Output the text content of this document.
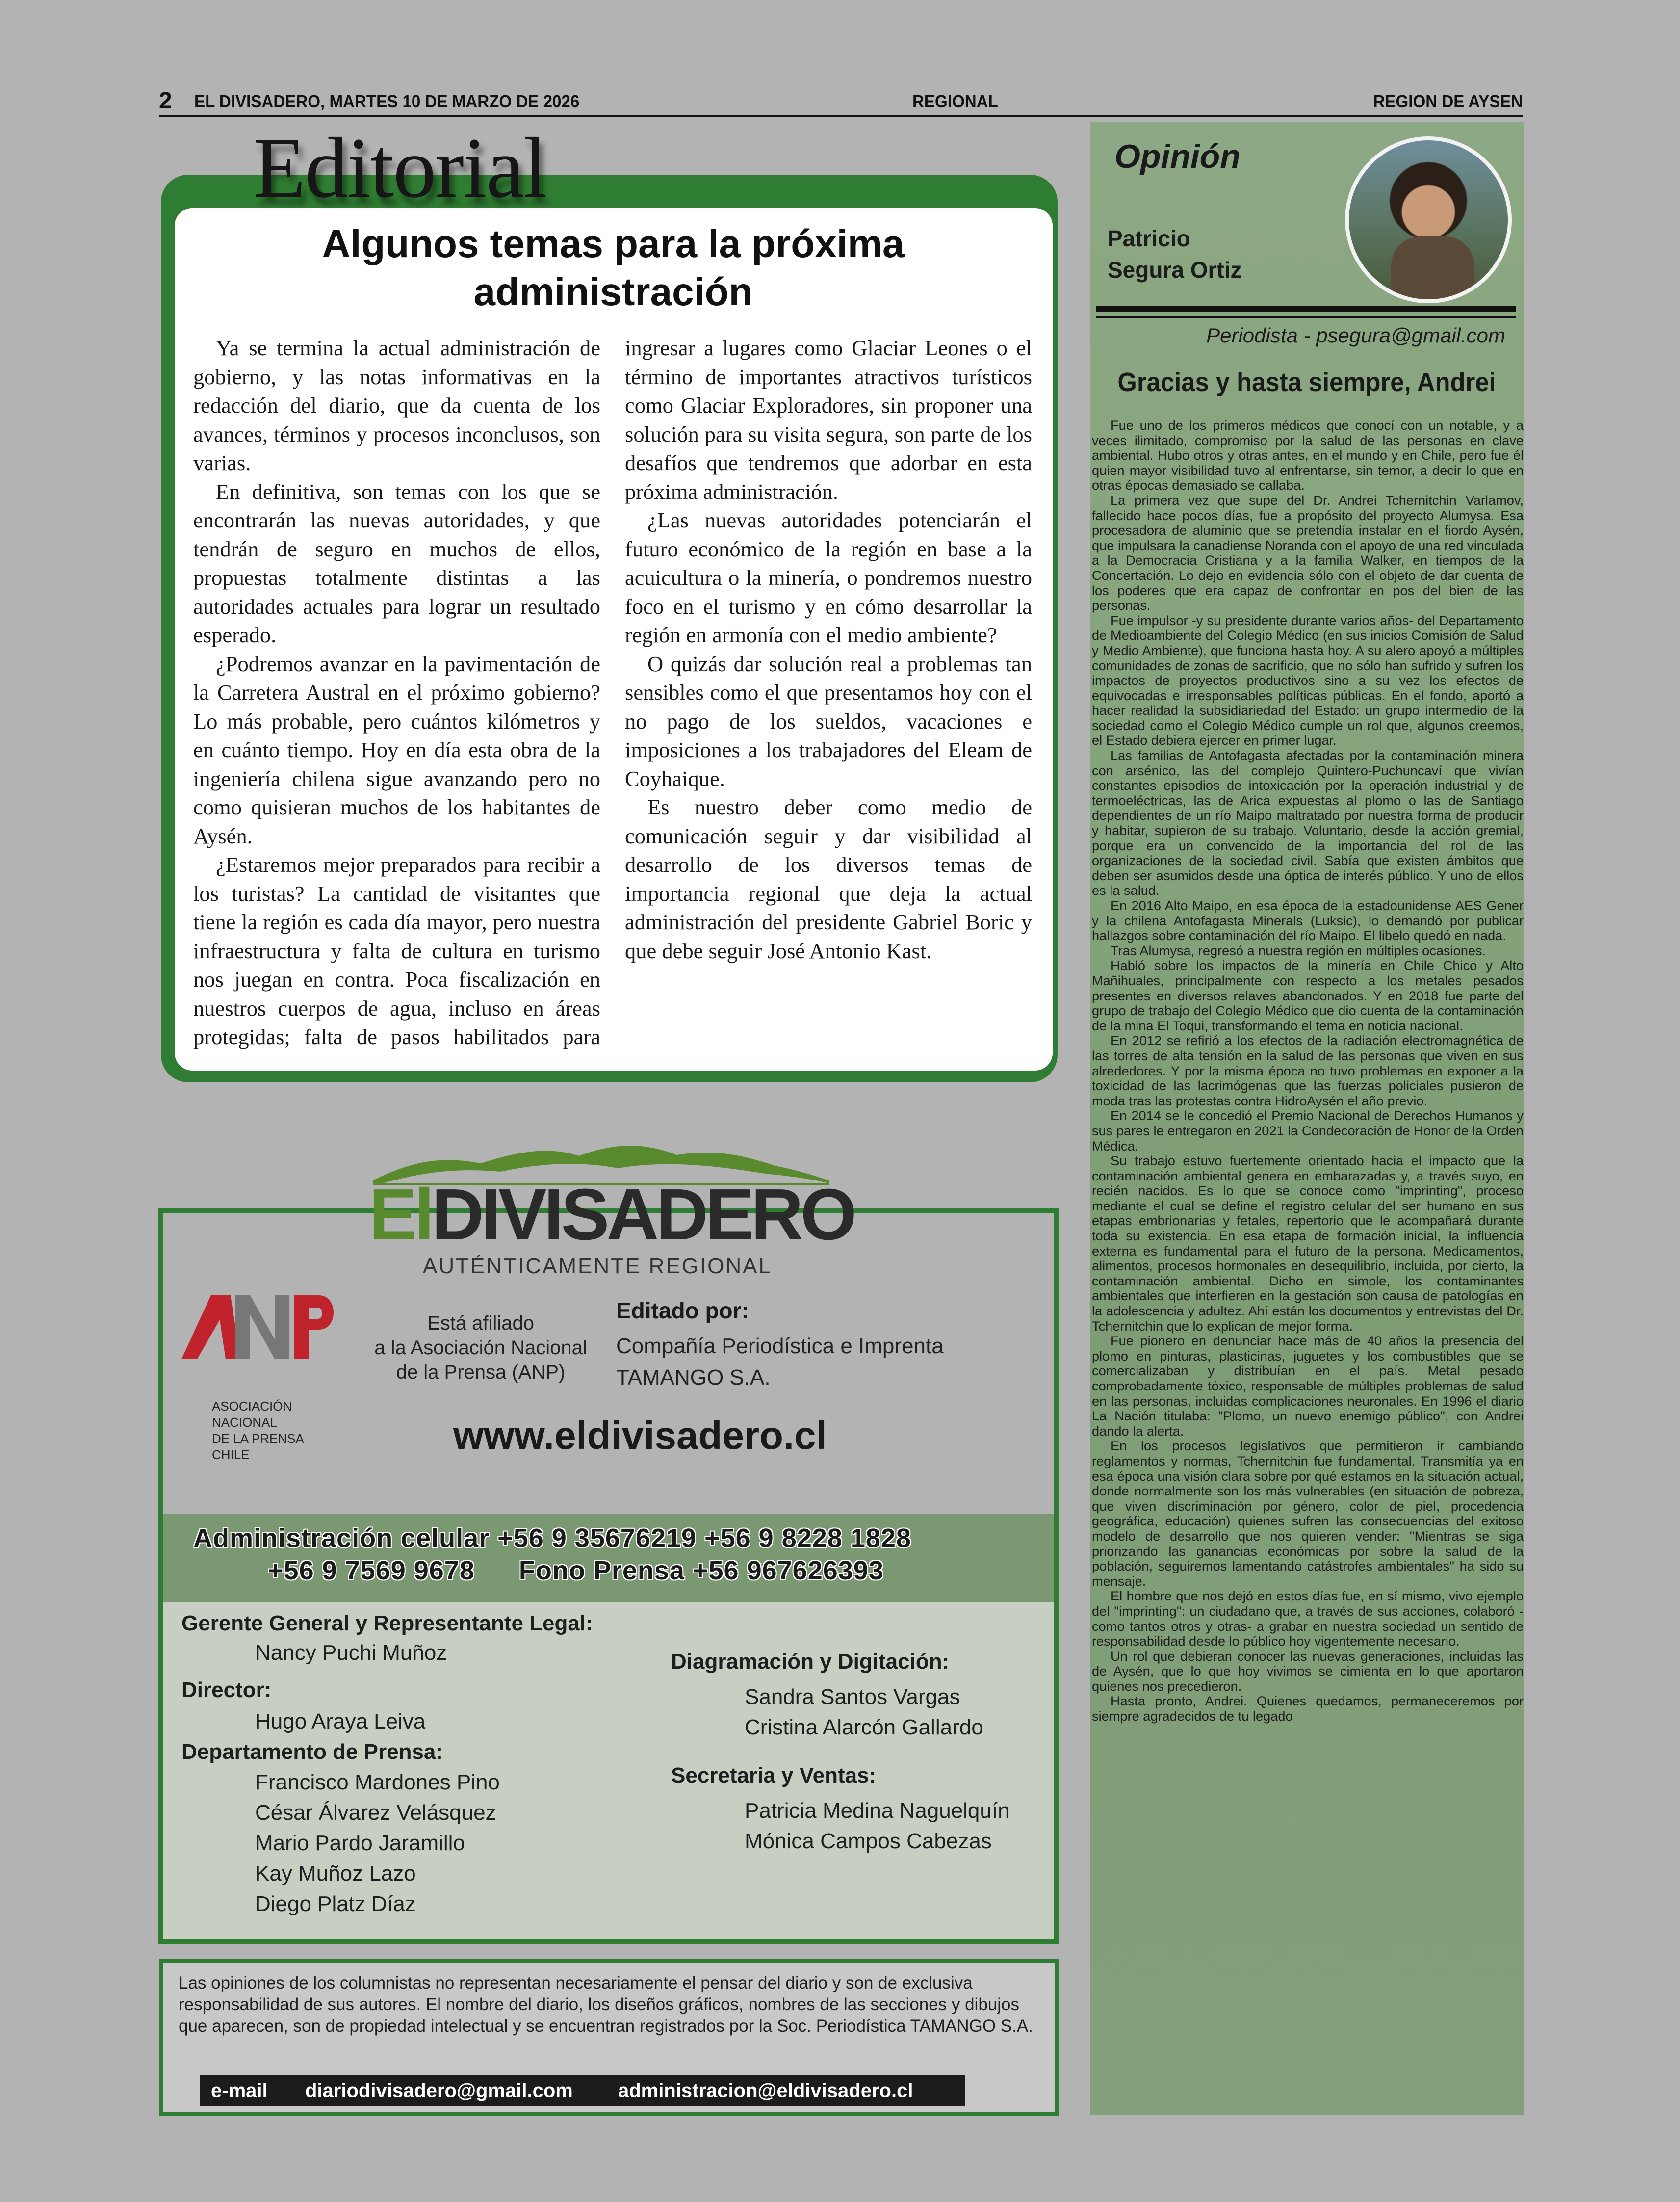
2 EL DIVISADERO, MARTES 10 DE MARZO DE 2026	REGIONAL	REGION DE AYSEN
Editorial
Algunos temas para la próxima administración

Ya se termina la actual administración de gobierno, y las notas informativas en la redacción del diario, que da cuenta de los avances, términos y procesos inconclusos, son varias.

En definitiva, son temas con los que se encontrarán las nuevas autoridades, y que tendrán de seguro en muchos de ellos, propuestas totalmente distintas a las autoridades actuales para lograr un resultado esperado.

¿Podremos avanzar en la pavimentación de la Carretera Austral en el próximo gobierno? Lo más probable, pero cuántos kilómetros y en cuánto tiempo. Hoy en día esta obra de la ingeniería chilena sigue avanzando pero no como quisieran muchos de los habitantes de Aysén.

¿Estaremos mejor preparados para recibir a los turistas? La cantidad de visitantes que tiene la región es cada día mayor, pero nuestra infraestructura y falta de cultura en turismo nos juegan en contra. Poca fiscalización en nuestros cuerpos de agua, incluso en áreas protegidas; falta de pasos habilitados para ingresar a lugares como Glaciar Leones o el término de importantes atractivos turísticos como Glaciar Exploradores, sin proponer una solución para su visita segura, son parte de los desafíos que tendremos que adorbar en esta próxima administración.

¿Las nuevas autoridades potenciarán el futuro económico de la región en base a la acuicultura o la minería, o pondremos nuestro foco en el turismo y en cómo desarrollar la región en armonía con el medio ambiente?

O quizás dar solución real a problemas tan sensibles como el que presentamos hoy con el no pago de los sueldos, vacaciones e imposiciones a los trabajadores del Eleam de Coyhaique.

Es nuestro deber como medio de comunicación seguir y dar visibilidad al desarrollo de los diversos temas de importancia regional que deja la actual administración del presidente Gabriel Boric y que debe seguir José Antonio Kast.

Opinión
Patricio
Segura Ortiz
Periodista - psegura@gmail.com
Gracias y hasta siempre, Andrei

Fue uno de los primeros médicos que conocí con un notable, y a veces ilimitado, compromiso por la salud de las personas en clave ambiental. Hubo otros y otras antes, en el mundo y en Chile, pero fue él quien mayor visibilidad tuvo al enfrentarse, sin temor, a decir lo que en otras épocas demasiado se callaba.

La primera vez que supe del Dr. Andrei Tchernitchin Varlamov, fallecido hace pocos días, fue a propósito del proyecto Alumysa. Esa procesadora de aluminio que se pretendía instalar en el fiordo Aysén, que impulsara la canadiense Noranda con el apoyo de una red vinculada a la Democracia Cristiana y a la familia Walker, en tiempos de la Concertación. Lo dejo en evidencia sólo con el objeto de dar cuenta de los poderes que era capaz de confrontar en pos del bien de las personas.

Fue impulsor -y su presidente durante varios años- del Departamento de Medioambiente del Colegio Médico (en sus inicios Comisión de Salud y Medio Ambiente), que funciona hasta hoy. A su alero apoyó a múltiples comunidades de zonas de sacrificio, que no sólo han sufrido y sufren los impactos de proyectos productivos sino a su vez los efectos de equivocadas e irresponsables políticas públicas. En el fondo, aportó a hacer realidad la subsidiariedad del Estado: un grupo intermedio de la sociedad como el Colegio Médico cumple un rol que, algunos creemos, el Estado debiera ejercer en primer lugar.

Las familias de Antofagasta afectadas por la contaminación minera con arsénico, las del complejo Quintero-Puchuncaví que vivían constantes episodios de intoxicación por la operación industrial y de termoeléctricas, las de Arica expuestas al plomo o las de Santiago dependientes de un río Maipo maltratado por nuestra forma de producir y habitar, supieron de su trabajo. Voluntario, desde la acción gremial, porque era un convencido de la importancia del rol de las organizaciones de la sociedad civil. Sabía que existen ámbitos que deben ser asumidos desde una óptica de interés público. Y uno de ellos es la salud.

En 2016 Alto Maipo, en esa época de la estadounidense AES Gener y la chilena Antofagasta Minerals (Luksic), lo demandó por publicar hallazgos sobre contaminación del río Maipo. El libelo quedó en nada.

Tras Alumysa, regresó a nuestra región en múltiples ocasiones.

Habló sobre los impactos de la minería en Chile Chico y Alto Mañihuales, principalmente con respecto a los metales pesados presentes en diversos relaves abandonados. Y en 2018 fue parte del grupo de trabajo del Colegio Médico que dio cuenta de la contaminación de la mina El Toqui, transformando el tema en noticia nacional.

En 2012 se refirió a los efectos de la radiación electromagnética de las torres de alta tensión en la salud de las personas que viven en sus alrededores. Y por la misma época no tuvo problemas en exponer a la toxicidad de las lacrimógenas que las fuerzas policiales pusieron de moda tras las protestas contra HidroAysén el año previo.

En 2014 se le concedió el Premio Nacional de Derechos Humanos y sus pares le entregaron en 2021 la Condecoración de Honor de la Orden Médica.

Su trabajo estuvo fuertemente orientado hacia el impacto que la contaminación ambiental genera en embarazadas y, a través suyo, en recién nacidos. Es lo que se conoce como "imprinting", proceso mediante el cual se define el registro celular del ser humano en sus etapas embrionarias y fetales, repertorio que le acompañará durante toda su existencia. En esa etapa de formación inicial, la influencia externa es fundamental para el futuro de la persona. Medicamentos, alimentos, procesos hormonales en desequilibrio, incluida, por cierto, la contaminación ambiental. Dicho en simple, los contaminantes ambientales que interfieren en la gestación son causa de patologías en la adolescencia y adultez. Ahí están los documentos y entrevistas del Dr. Tchernitchin que lo explican de mejor forma.

Fue pionero en denunciar hace más de 40 años la presencia del plomo en pinturas, plasticinas, juguetes y los combustibles que se comercializaban y distribuían en el país. Metal pesado comprobadamente tóxico, responsable de múltiples problemas de salud en las personas, incluidas complicaciones neuronales. En 1996 el diario La Nación titulaba: "Plomo, un nuevo enemigo público", con Andrei dando la alerta.

En los procesos legislativos que permitieron ir cambiando reglamentos y normas, Tchernitchin fue fundamental. Transmitía ya en esa época una visión clara sobre por qué estamos en la situación actual, donde normalmente son los más vulnerables (en situación de pobreza, que viven discriminación por género, color de piel, procedencia geográfica, educación) quienes sufren las consecuencias del exitoso modelo de desarrollo que nos quieren vender: "Mientras se siga priorizando las ganancias económicas por sobre la salud de la población, seguiremos lamentando catástrofes ambientales" ha sido su mensaje.

El hombre que nos dejó en estos días fue, en sí mismo, vivo ejemplo del "imprinting": un ciudadano que, a través de sus acciones, colaboró -como tantos otros y otras- a grabar en nuestra sociedad un sentido de responsabilidad desde lo público hoy vigentemente necesario.

Un rol que debieran conocer las nuevas generaciones, incluidas las de Aysén, que lo que hoy vivimos se cimienta en lo que aportaron quienes nos precedieron.

Hasta pronto, Andrei. Quienes quedamos, permaneceremos por siempre agradecidos de tu legado

ElDIVISADERO
AUTÉNTICAMENTE REGIONAL
ASOCIACIÓN
NACIONAL
DE LA PRENSA
CHILE
Está afiliado
a la Asociación Nacional
de la Prensa (ANP)
Editado por:
Compañía Periodística e Imprenta
TAMANGO S.A.
www.eldivisadero.cl
Administración celular +56 9 35676219 +56 9 8228 1828
+56 9 7569 9678 Fono Prensa +56 967626393
Gerente General y Representante Legal:
Nancy Puchi Muñoz
Director:
Hugo Araya Leiva
Departamento de Prensa:
Francisco Mardones Pino
César Álvarez Velásquez
Mario Pardo Jaramillo
Kay Muñoz Lazo
Diego Platz Díaz
Diagramación y Digitación:
Sandra Santos Vargas
Cristina Alarcón Gallardo
Secretaria y Ventas:
Patricia Medina Naguelquín
Mónica Campos Cabezas
Las opiniones de los columnistas no representan necesariamente el pensar del diario y son de exclusiva responsabilidad de sus autores. El nombre del diario, los diseños gráficos, nombres de las secciones y dibujos que aparecen, son de propiedad intelectual y se encuentran registrados por la Soc. Periodística TAMANGO S.A.
e-mail diariodivisadero@gmail.com administracion@eldivisadero.cl
